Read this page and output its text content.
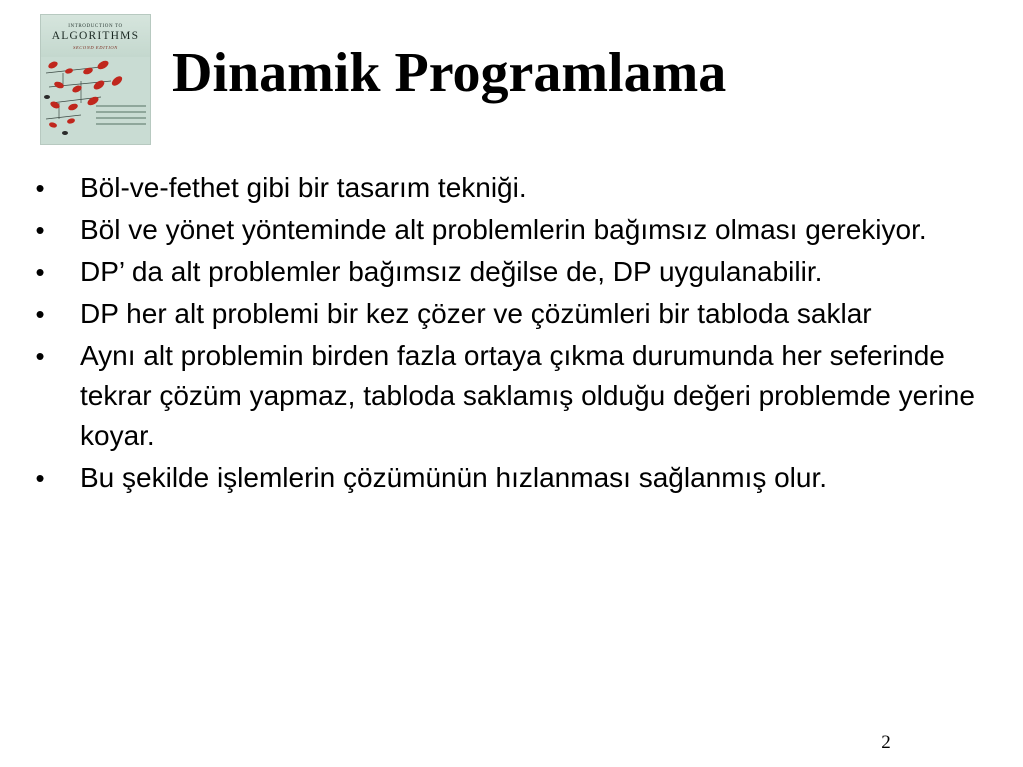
INTRODUCTION TO
ALGORITHMS
SECOND EDITION Dinamik Programlama
• Böl-ve-fethet gibi bir tasarım tekniği.
• Böl ve yönet yönteminde alt problemlerin bağımsız olması gerekiyor.
• DP’ da alt problemler bağımsız değilse de, DP uygulanabilir.
• DP her alt problemi bir kez çözer ve çözümleri bir tabloda saklar
• Aynı alt problemin birden fazla ortaya çıkma durumunda her seferinde tekrar çözüm yapmaz, tabloda saklamış olduğu değeri problemde yerine koyar.
• Bu şekilde işlemlerin çözümünün hızlanması sağlanmış olur.
2
